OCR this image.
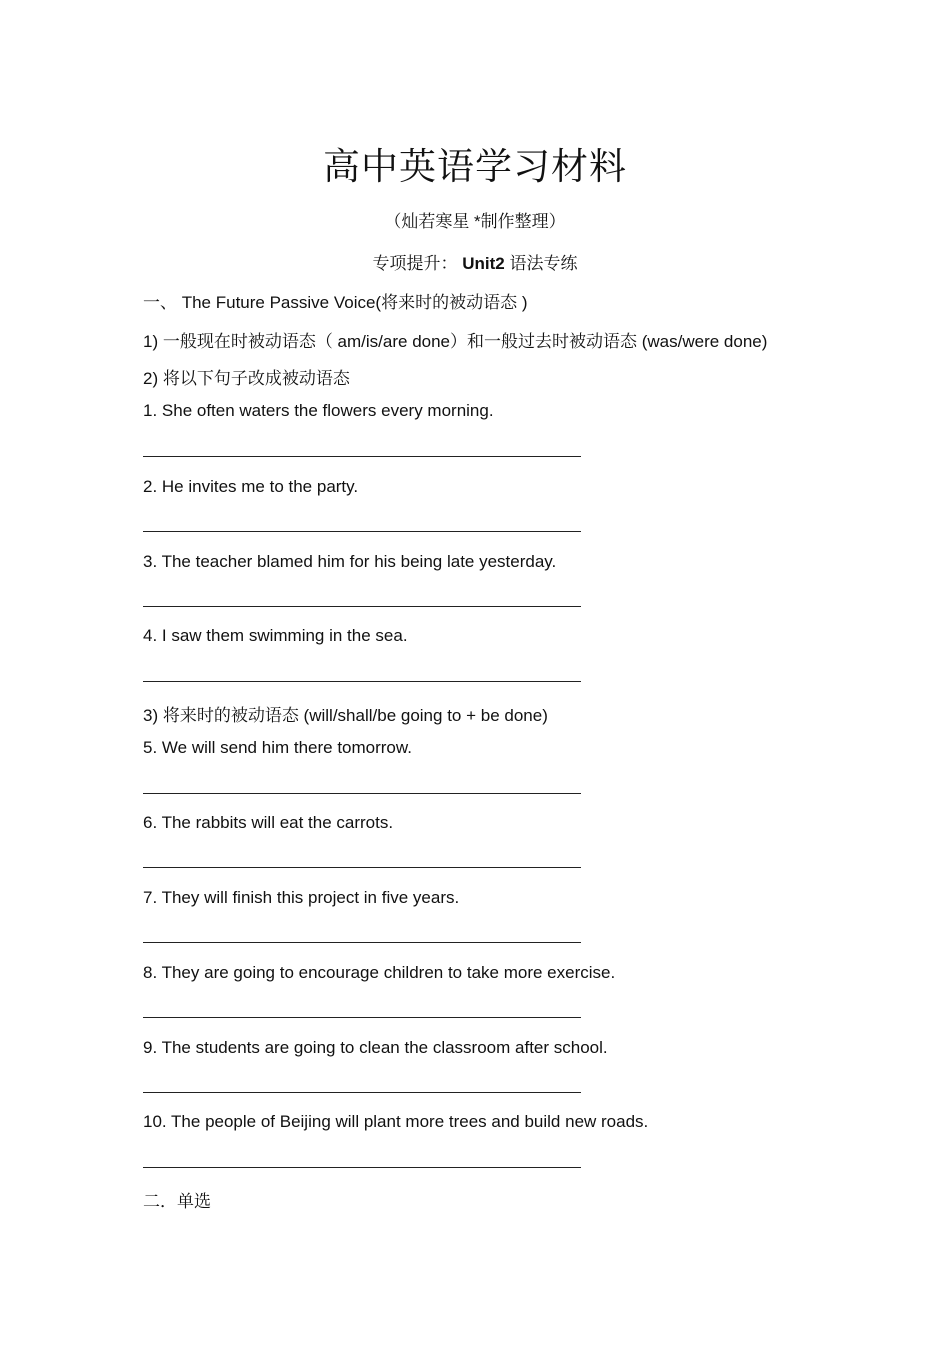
高中英语学习材料
（灿若寒星 *制作整理）
专项提升： Unit2 语法专练
一、 The Future Passive Voice(将来时的被动语态 )
1) 一般现在时被动语态（ am/is/are done）和一般过去时被动语态 (was/were done)
2) 将以下句子改成被动语态
1. She often waters the flowers every morning.
2. He invites me to the party.
3. The teacher blamed him for his being late yesterday.
4. I saw them swimming in the sea.
3) 将来时的被动语态 (will/shall/be going to + be done)
5. We will send him there tomorrow.
6. The rabbits will eat the carrots.
7. They will finish this project in five years.
8. They are going to encourage children to take more exercise.
9. The students are going to clean the classroom after school.
10. The people of Beijing will plant more trees and build new roads.
二．单选
